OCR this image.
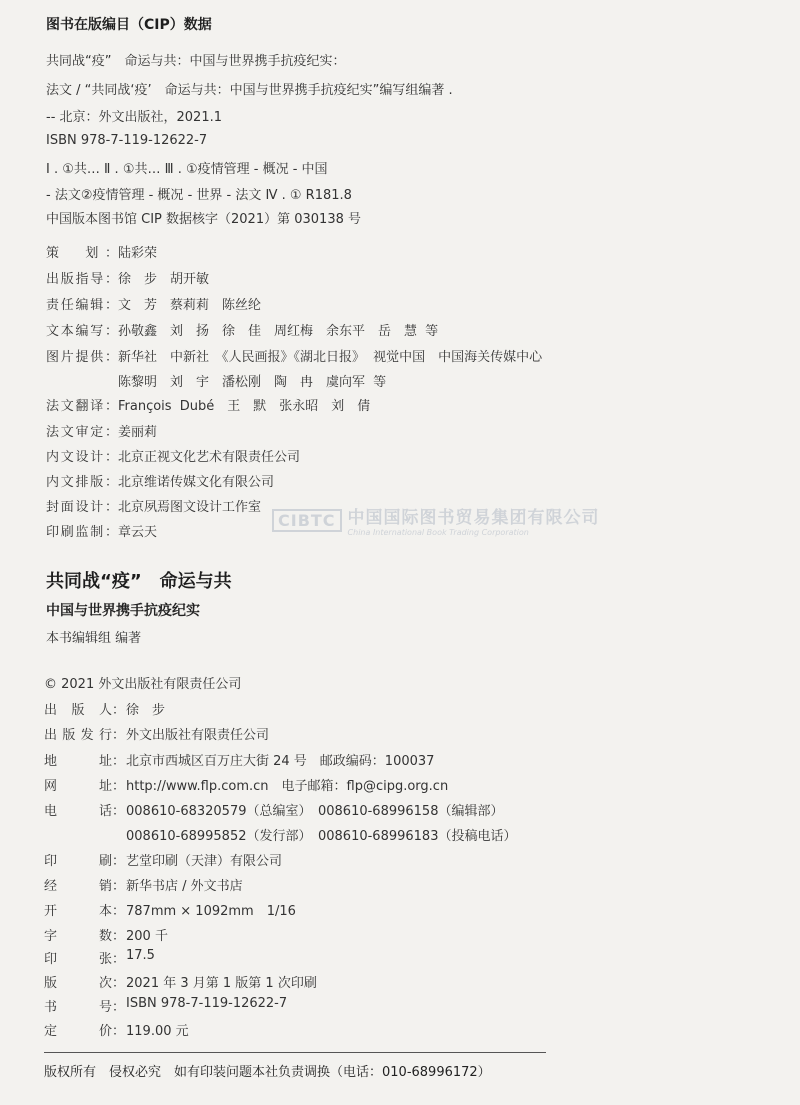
图书在版编目（CIP）数据
共同战“疫”　命运与共：中国与世界携手抗疫纪实：
法文 / “共同战‘疫’　命运与共：中国与世界携手抗疫纪实”编写组编著 .
-- 北京：外文出版社，2021.1
ISBN 978-7-119-12622-7
Ⅰ . ①共… Ⅱ . ①共… Ⅲ . ①疫情管理 - 概况 - 中国
- 法文②疫情管理 - 概况 - 世界 - 法文 Ⅳ . ① R181.8
中国版本图书馆 CIP 数据核字（2021）第 030138 号
策　划： 陆彩荣
出版指导： 徐　步　胡开敏
责任编辑： 文　芳　蔡莉莉　陈丝纶
文本编写： 孙敬鑫　刘　扬　徐　佳　周红梅　余东平　岳　慧 等
图片提供： 新华社　中新社　《人民画报》《湖北日报》 视觉中国　中国海关传媒中心
陈黎明　刘　宇　潘松刚　陶　冉　虞向军 等
法文翻译： François Dubé　王　默　张永昭　刘　倩
法文审定： 姜丽莉
内文设计： 北京正视文化艺术有限责任公司
内文排版： 北京维诺传媒文化有限公司
封面设计： 北京夙焉图文设计工作室
印刷监制： 章云天
CIBTC 中国国际图书贸易集团有限公司
China International Book Trading Corporation
共同战“疫”　命运与共
中国与世界携手抗疫纪实
本书编辑组 编著
© 2021 外文出版社有限责任公司
出版人 ： 徐　步
出版发行 ： 外文出版社有限责任公司
地址 ： 北京市西城区百万庄大街 24 号　邮政编码：100037
网址 ： http://www.flp.com.cn　电子邮箱：flp@cipg.org.cn
电话 ： 008610-68320579（总编室）　008610-68996158（编辑部）
008610-68995852（发行部）　008610-68996183（投稿电话）
印刷 ： 艺堂印刷（天津）有限公司
经销 ： 新华书店 / 外文书店
开本 ： 787mm × 1092mm　1/16
字数 ： 200 千
印张 ： 17.5
版次 ： 2021 年 3 月第 1 版第 1 次印刷
书号 ： ISBN 978-7-119-12622-7
定价 ： 119.00 元
版权所有　侵权必究　如有印装问题本社负责调换（电话：010-68996172）
